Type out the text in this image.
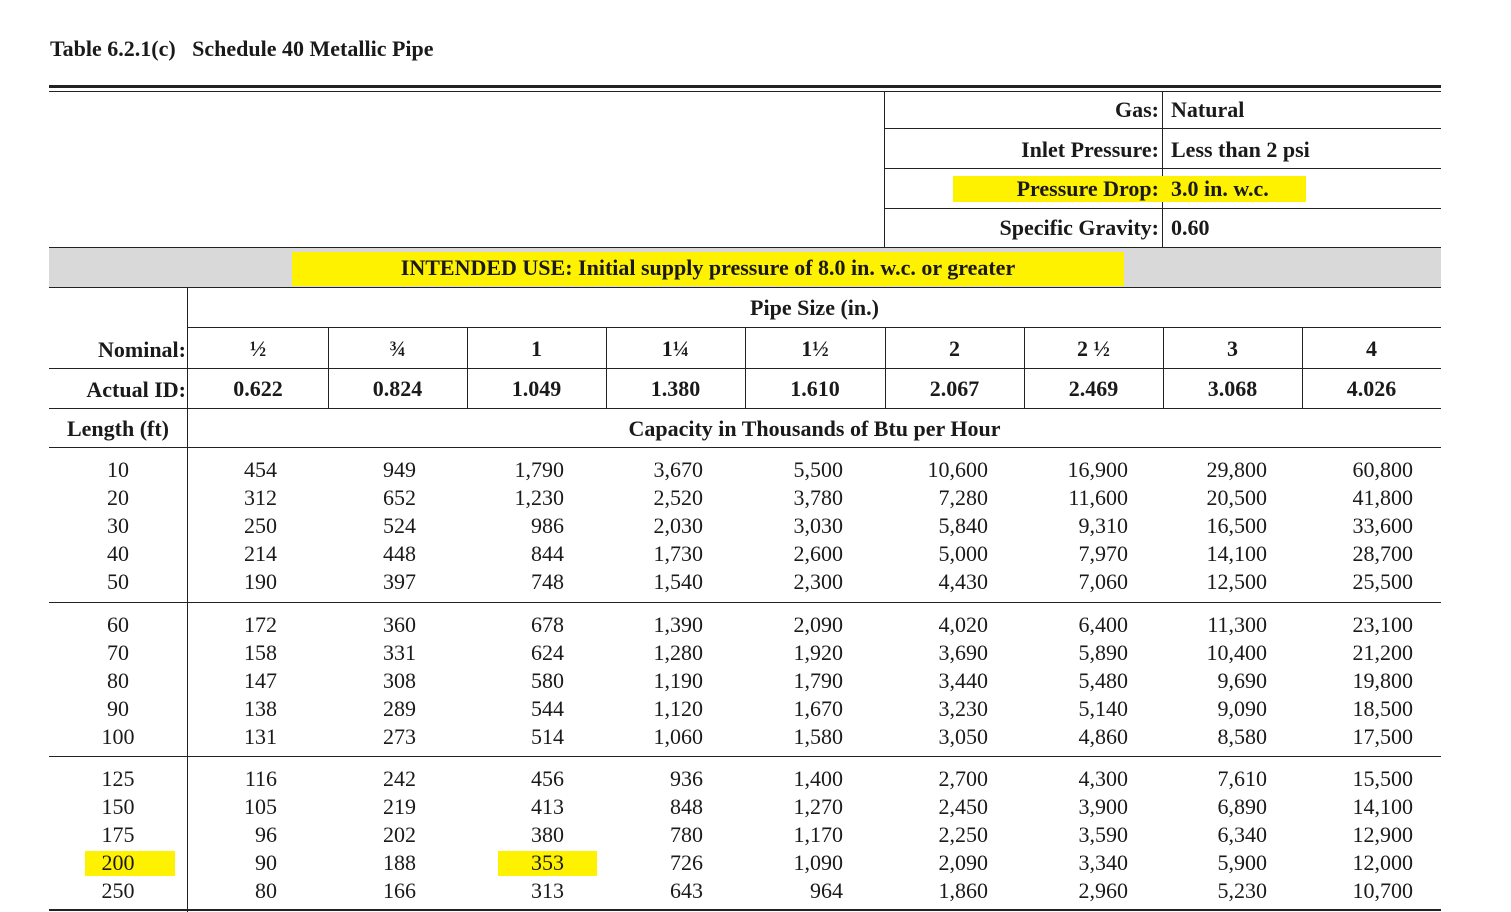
Table 6.2.1(c)   Schedule 40 Metallic Pipe
Gas: Natural
Inlet Pressure: Less than 2 psi
Pressure Drop: 3.0 in. w.c.
Specific Gravity: 0.60
INTENDED USE: Initial supply pressure of 8.0 in. w.c. or greater
Pipe Size (in.)
Nominal:
Actual ID:
Length (ft)	Capacity in Thousands of Btu per Hour
½
0.622
¾
0.824
1
1.049
1¼
1.380
1½
1.610
2
2.067
2 ½
2.469
3
3.068
4
4.026
10
20
30
40
50
454
312
250
214
190
949
652
524
448
397
1,790
1,230
986
844
748
3,670
2,520
2,030
1,730
1,540
5,500
3,780
3,030
2,600
2,300
10,600
7,280
5,840
5,000
4,430
16,900
11,600
9,310
7,970
7,060
29,800
20,500
16,500
14,100
12,500
60,800
41,800
33,600
28,700
25,500
60
70
80
90
100
172
158
147
138
131
360
331
308
289
273
678
624
580
544
514
1,390
1,280
1,190
1,120
1,060
2,090
1,920
1,790
1,670
1,580
4,020
3,690
3,440
3,230
3,050
6,400
5,890
5,480
5,140
4,860
11,300
10,400
9,690
9,090
8,580
23,100
21,200
19,800
18,500
17,500
125
150
175
200
250
116
105
96
90
80
242
219
202
188
166
456
413
380
353
313
936
848
780
726
643
1,400
1,270
1,170
1,090
964
2,700
2,450
2,250
2,090
1,860
4,300
3,900
3,590
3,340
2,960
7,610
6,890
6,340
5,900
5,230
15,500
14,100
12,900
12,000
10,700
